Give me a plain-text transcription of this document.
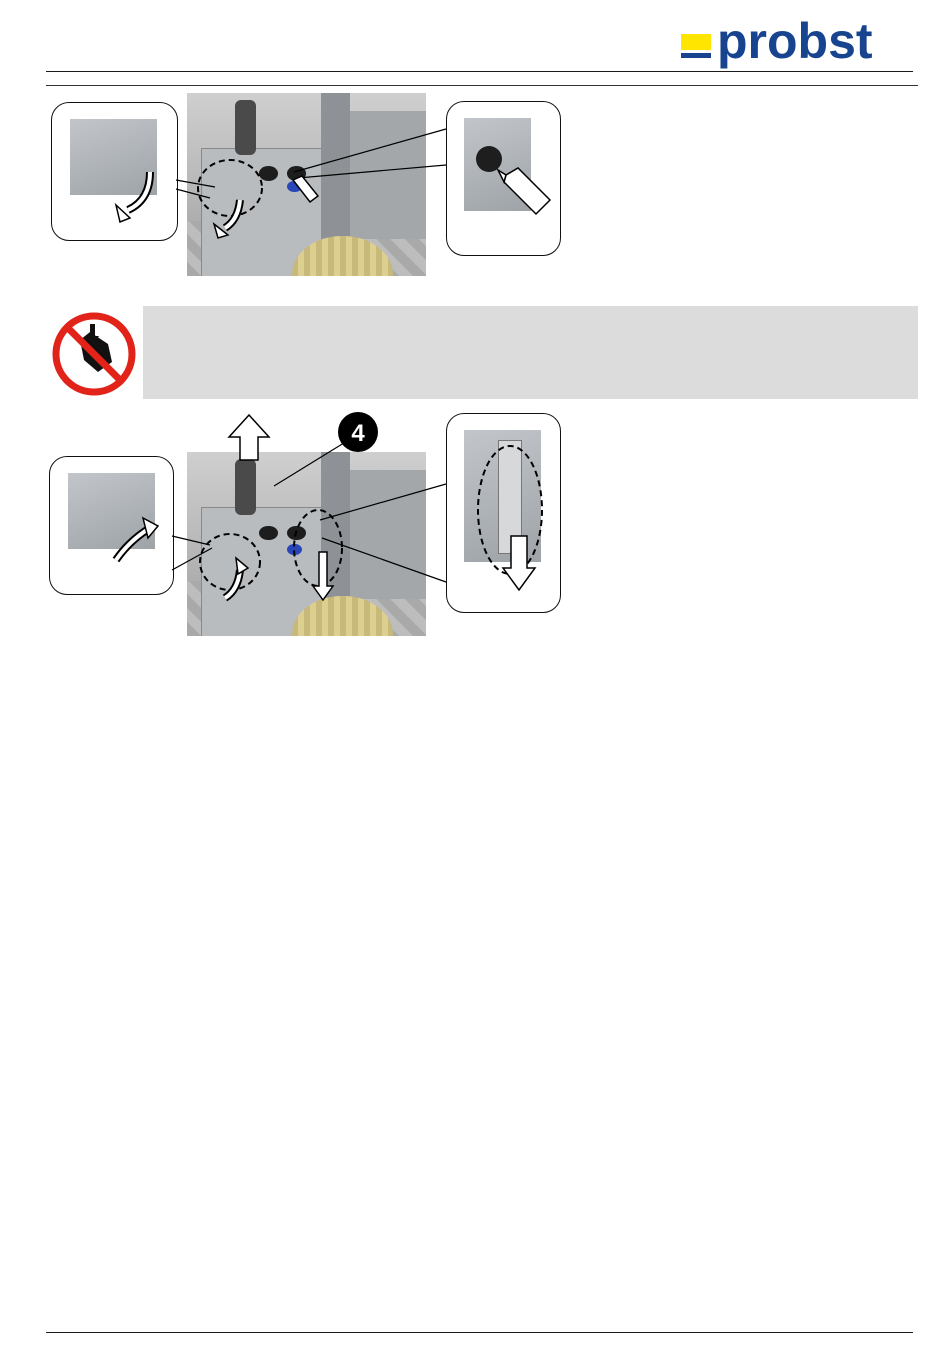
probst
4
